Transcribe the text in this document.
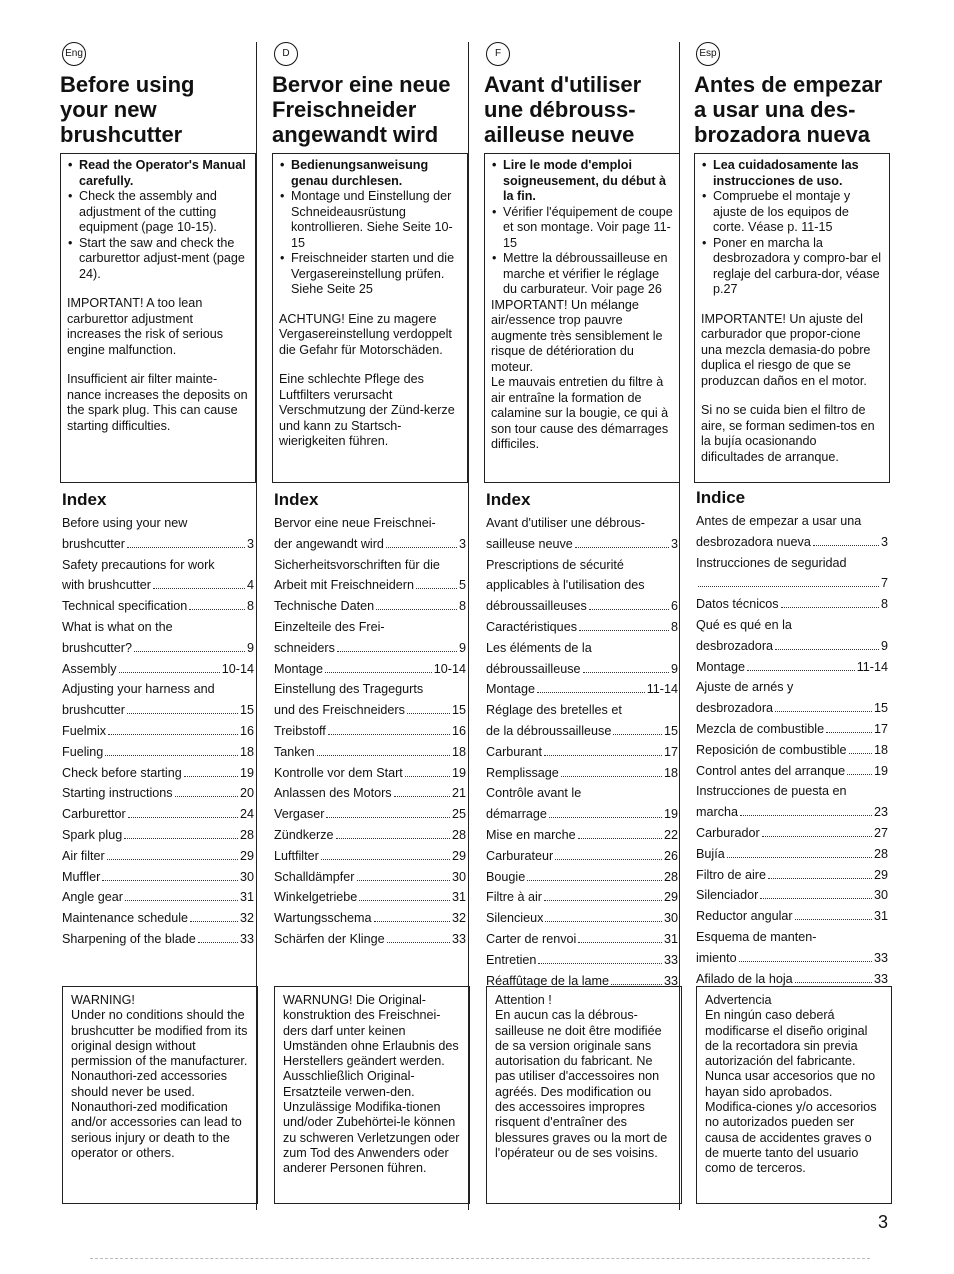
Eng
Before using
your new
brushcutter
• Read the Operator's Manual carefully.
• Check the assembly and adjustment of the cutting equipment (page 10-15).
• Start the saw and check the carburettor adjust-ment (page 24).
IMPORTANT! A too lean carburettor adjustment increases the risk of serious engine malfunction.
Insufficient air filter mainte-nance increases the deposits on the spark plug. This can cause starting difficulties.
Index
Before using your new
brushcutter	3
Safety precautions for work
with brushcutter	4
Technical specification	8
What is what on the
brushcutter?	9
Assembly	10-14
Adjusting your harness and
brushcutter	15
Fuelmix	16
Fueling	18
Check before starting	19
Starting instructions	20
Carburettor	24
Spark plug	28
Air filter	29
Muffler	30
Angle gear	31
Maintenance schedule	32
Sharpening of the blade	33
WARNING!
Under no conditions should the brushcutter be modified from its original design without permission of the manufacturer. Nonauthori-zed accessories should never be used. Nonauthori-zed modification and/or accessories can lead to serious injury or death to the operator or others.
D
Bervor eine neue
Freischneider
angewandt wird
• Bedienungsanweisung genau durchlesen.
• Montage und Einstellung der Schneideausrüstung kontrollieren. Siehe Seite 10-15
• Freischneider starten und die Vergasereinstellung prüfen. Siehe Seite 25
ACHTUNG! Eine zu magere Vergasereinstellung verdoppelt die Gefahr für Motorschäden.
Eine schlechte Pflege des Luftfilters verursacht Verschmutzung der Zünd-kerze und kann zu Startsch-wierigkeiten führen.
Index
Bervor eine neue Freischnei-
der angewandt wird	3
Sicherheitsvorschriften für die
Arbeit mit Freischneidern	5
Technische Daten	8
Einzelteile des Frei-
schneiders	9
Montage	10-14
Einstellung des Tragegurts
und des Freischneiders	15
Treibstoff	16
Tanken	18
Kontrolle vor dem Start	19
Anlassen des Motors	21
Vergaser	25
Zündkerze	28
Luftfilter	29
Schalldämpfer	30
Winkelgetriebe	31
Wartungsschema	32
Schärfen der Klinge	33
WARNUNG! Die Original-konstruktion des Freischnei-ders darf unter keinen Umständen ohne Erlaubnis des Herstellers geändert werden. Ausschließlich Original-Ersatzteile verwen-den. Unzulässige Modifika-tionen und/oder Zubehörtei-le können zu schweren Verletzungen oder zum Tod des Anwenders oder anderer Personen führen.
F
Avant d'utiliser
une débrouss-
ailleuse neuve
• Lire le mode d'emploi soigneusement, du début à la fin.
• Vérifier l'équipement de coupe et son montage. Voir page 11-15
• Mettre la débroussailleuse en marche et vérifier le réglage du carburateur. Voir page 26
IMPORTANT! Un mélange air/essence trop pauvre augmente très sensiblement le risque de détérioration du moteur.
Le mauvais entretien du filtre à air entraîne la formation de calamine sur la bougie, ce qui à son tour cause des démarrages difficiles.
Index
Avant d'utiliser une débrous-
sailleuse neuve	3
Prescriptions de sécurité
applicables à l'utilisation des
débroussailleuses	6
Caractéristiques	8
Les éléments de la
débroussailleuse	9
Montage	11-14
Réglage des bretelles et
de la débroussailleuse	15
Carburant	17
Remplissage	18
Contrôle avant le
démarrage	19
Mise en marche	22
Carburateur	26
Bougie	28
Filtre à air	29
Silencieux	30
Carter de renvoi	31
Entretien	33
Réaffûtage de la lame	33
Attention !
En aucun cas la débrous-sailleuse ne doit être modifiée de sa version originale sans autorisation du fabricant. Ne pas utiliser d'accessoires non agréés. Des modification ou des accessoires impropres risquent d'entraîner des blessures graves ou la mort de l'opérateur ou de ses voisins.
Esp
Antes de empezar
a usar una des-
brozadora nueva
• Lea cuidadosamente las instrucciones de uso.
• Compruebe el montaje y ajuste de los equipos de corte. Véase p. 11-15
• Poner en marcha la desbrozadora y compro-bar el reglaje del carbura-dor, véase p.27
IMPORTANTE! Un ajuste del carburador que propor-cione una mezcla demasia-do pobre duplica el riesgo de que se produzcan daños en el motor.
Si no se cuida bien el filtro de aire, se forman sedimen-tos en la bujía ocasionando dificultades de arranque.
Indice
Antes de empezar a usar una
desbrozadora nueva	3
Instrucciones de seguridad
7
Datos técnicos	8
Qué es qué en la
desbrozadora	9
Montage	11-14
Ajuste de arnés y
desbrozadora	15
Mezcla de combustible	17
Reposición de combustible 18
Control antes del arranque 19
Instrucciones de puesta en
marcha	23
Carburador	27
Bujía	28
Filtro de aire	29
Silenciador	30
Reductor angular	31
Esquema de manten-
imiento	33
Afilado de la hoja	33
Advertencia
En ningún caso deberá modificarse el diseño original de la recortadora sin previa autorización del fabricante. Nunca usar accesorios que no hayan sido aprobados. Modifica-ciones y/o accesorios no autorizados pueden ser causa de accidentes graves o de muerte tanto del usuario como de terceros.
3
